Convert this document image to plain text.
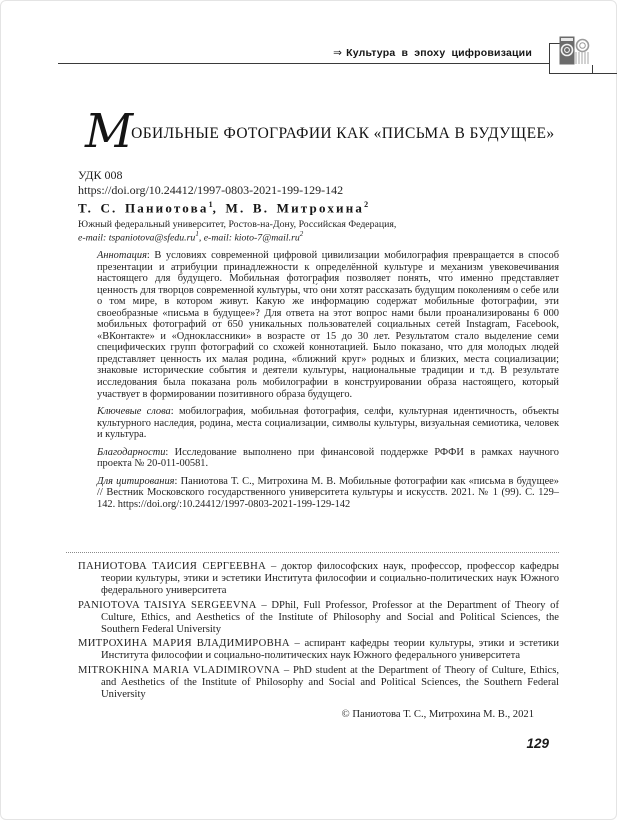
⇒ Культура в эпоху цифровизации
МОБИЛЬНЫЕ ФОТОГРАФИИ КАК «ПИСЬМА В БУДУЩЕЕ»
УДК 008
https://doi.org/10.24412/1997-0803-2021-199-129-142
Т. С. Паниотова$^1$, М. В. Митрохина$^2$
Южный федеральный университет, Ростов-на-Дону, Российская Федерация,
e-mail: $tspaniotova@sfedu.ru^1$, e-mail: kioto-$7@mail.ru^2$

Аннотация: В условиях современной цифровой цивилизации мобилография превращается в способ презентации и атрибуции принадлежности к определённой культуре и механизм увековечивания настоящего для будущего. Мобильная фотография позволяет понять, что́ именно представляет ценность для творцов современной культуры, что́ они хотят рассказать будущим поколениям о себе или о том мире, в котором живут. Какую же информацию содержат мобильные фотографии, эти своеобразные «письма в будущее»? Для ответа на этот вопрос нами были проанализированы 6 000 мобильных фотографий от 650 уникальных пользователей социальных сетей Instagram, Facebook, «ВКонтакте» и «Одноклассники» в возрасте от 15 до 30 лет. Результатом стало выделение семи специфических групп фотографий со схожей коннотацией. Было показано, что для молодых людей представляет ценность их малая родина, «ближний круг» родных и близких, места социализации; знаковые исторические события и деятели культуры, национальные традиции и т.д. В результате исследования была показана роль мобилографии в конструировании образа настоящего, который участвует в формировании позитивного образа будущего.

Ключевые слова: мобилография, мобильная фотография, селфи, культурная идентичность, объекты культурного наследия, родина, места социализации, символы культуры, визуальная семиотика, человек и культура.

Благодарности: Исследование выполнено при финансовой поддержке РФФИ в рамках научного проекта № 20-011-00581.

Для цитирования: Паниотова Т. С., Митрохина М. В. Мобильные фотографии как «письма в будущее» // Вестник Московского государственного университета культуры и искусств. 2021. № 1 (99). С. 129–142. https://doi.org/:10.24412/1997-0803-2021-199-129-142

ПАНИОТОВА ТАИСИЯ СЕРГЕЕВНА – доктор философских наук, профессор, профессор кафедры теории культуры, этики и эстетики Института философии и социально-политических наук Южного федерального университета
PANIOTOVA TAISIYA SERGEEVNA – DPhil, Full Professor, Professor at the Department of Theory of Culture, Ethics, and Aesthetics of the Institute of Philosophy and Social and Political Sciences, the Southern Federal University
МИТРОХИНА МАРИЯ ВЛАДИМИРОВНА – аспирант кафедры теории культуры, этики и эстетики Института философии и социально-политических наук Южного федерального университета
MITROKHINA MARIA VLADIMIROVNA – PhD student at the Department of Theory of Culture, Ethics, and Aesthetics of the Institute of Philosophy and Social and Political Sciences, the Southern Federal University
© Паниотова Т. С., Митрохина М. В., 2021
129
